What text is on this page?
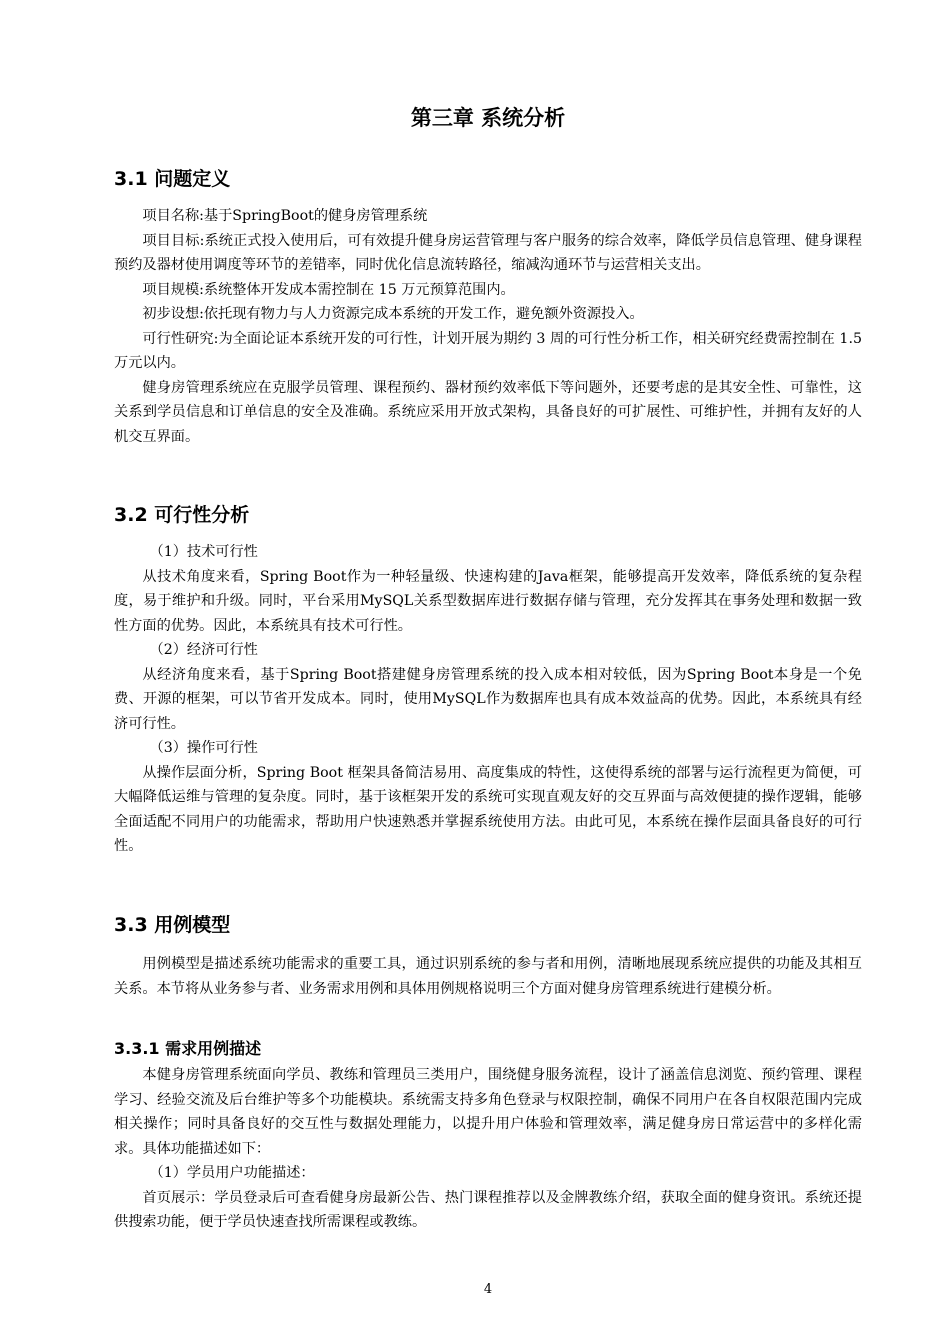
第三章 系统分析
3.1 问题定义

项目名称:基于SpringBoot的健身房管理系统

项目目标:系统正式投入使用后，可有效提升健身房运营管理与客户服务的综合效率，降低学员信息管理、健身课程预约及器材使用调度等环节的差错率，同时优化信息流转路径，缩减沟通环节与运营相关支出。

项目规模:系统整体开发成本需控制在 15 万元预算范围内。

初步设想:依托现有物力与人力资源完成本系统的开发工作，避免额外资源投入。

可行性研究:为全面论证本系统开发的可行性，计划开展为期约 3 周的可行性分析工作，相关研究经费需控制在 1.5 万元以内。

健身房管理系统应在克服学员管理、课程预约、器材预约效率低下等问题外，还要考虑的是其安全性、可靠性，这关系到学员信息和订单信息的安全及准确。系统应采用开放式架构，具备良好的可扩展性、可维护性，并拥有友好的人机交互界面。

3.2 可行性分析

（1）技术可行性

从技术角度来看，Spring Boot作为一种轻量级、快速构建的Java框架，能够提高开发效率，降低系统的复杂程度，易于维护和升级。同时，平台采用MySQL关系型数据库进行数据存储与管理，充分发挥其在事务处理和数据一致性方面的优势。因此，本系统具有技术可行性。

（2）经济可行性

从经济角度来看，基于Spring Boot搭建健身房管理系统的投入成本相对较低，因为Spring Boot本身是一个免费、开源的框架，可以节省开发成本。同时，使用MySQL作为数据库也具有成本效益高的优势。因此，本系统具有经济可行性。

（3）操作可行性

从操作层面分析，Spring Boot 框架具备简洁易用、高度集成的特性，这使得系统的部署与运行流程更为简便，可大幅降低运维与管理的复杂度。同时，基于该框架开发的系统可实现直观友好的交互界面与高效便捷的操作逻辑，能够全面适配不同用户的功能需求，帮助用户快速熟悉并掌握系统使用方法。由此可见，本系统在操作层面具备良好的可行性。

3.3 用例模型

用例模型是描述系统功能需求的重要工具，通过识别系统的参与者和用例，清晰地展现系统应提供的功能及其相互关系。本节将从业务参与者、业务需求用例和具体用例规格说明三个方面对健身房管理系统进行建模分析。

3.3.1 需求用例描述

本健身房管理系统面向学员、教练和管理员三类用户，围绕健身服务流程，设计了涵盖信息浏览、预约管理、课程学习、经验交流及后台维护等多个功能模块。系统需支持多角色登录与权限控制，确保不同用户在各自权限范围内完成相关操作；同时具备良好的交互性与数据处理能力，以提升用户体验和管理效率，满足健身房日常运营中的多样化需求。具体功能描述如下：

（1）学员用户功能描述：

首页展示：学员登录后可查看健身房最新公告、热门课程推荐以及金牌教练介绍，获取全面的健身资讯。系统还提供搜索功能，便于学员快速查找所需课程或教练。

4
